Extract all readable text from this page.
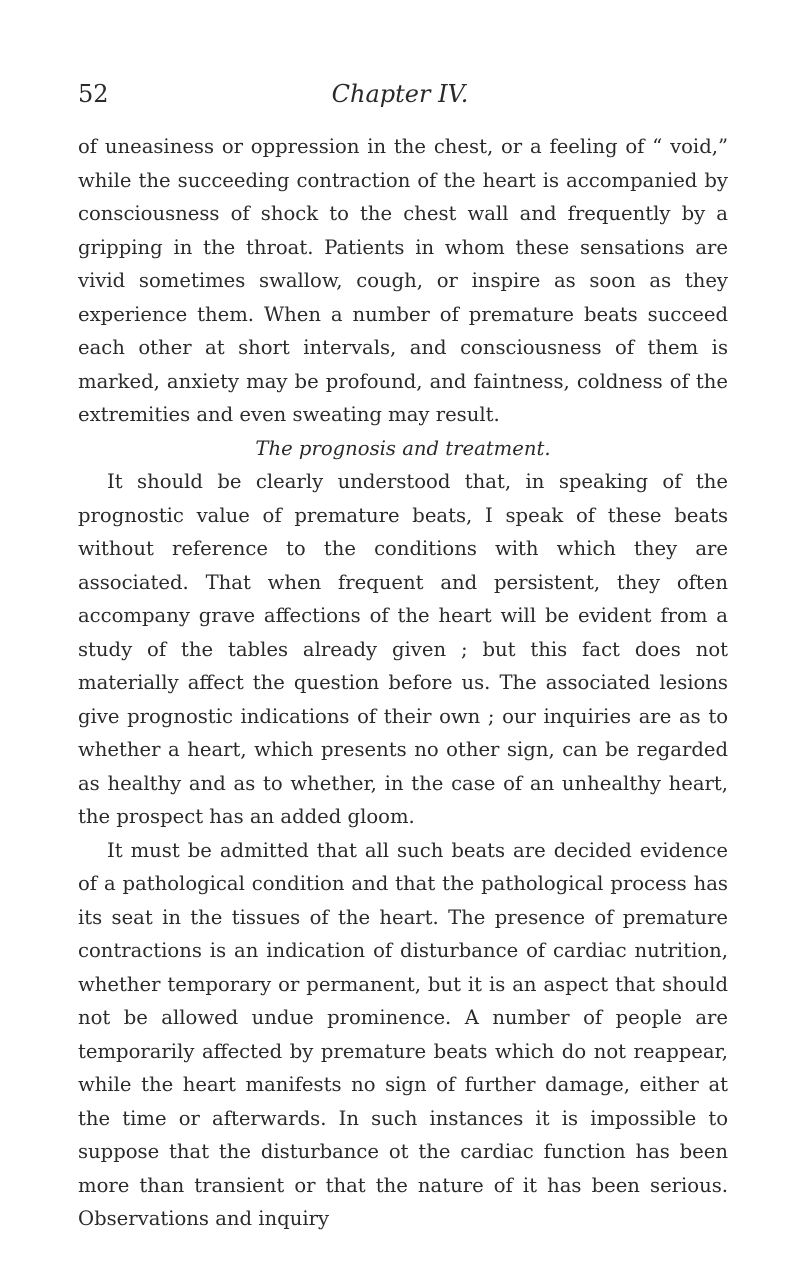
52	Chapter IV.

of uneasiness or oppression in the chest, or a feeling of “ void,” while the succeeding contraction of the heart is accompanied by consciousness of shock to the chest wall and frequently by a gripping in the throat. Patients in whom these sensations are vivid sometimes swallow, cough, or inspire as soon as they experience them. When a number of premature beats succeed each other at short intervals, and consciousness of them is marked, anxiety may be profound, and faintness, coldness of the extremities and even sweating may result.

The prognosis and treatment.

It should be clearly understood that, in speaking of the prognostic value of premature beats, I speak of these beats without reference to the conditions with which they are associated. That when frequent and persistent, they often accompany grave affections of the heart will be evident from a study of the tables already given ; but this fact does not materially affect the question before us. The associated lesions give prognostic indications of their own ; our inquiries are as to whether a heart, which presents no other sign, can be regarded as healthy and as to whether, in the case of an unhealthy heart, the prospect has an added gloom.

It must be admitted that all such beats are decided evidence of a pathological condition and that the pathological process has its seat in the tissues of the heart. The presence of premature contractions is an indication of disturbance of cardiac nutrition, whether temporary or permanent, but it is an aspect that should not be allowed undue prominence. A number of people are temporarily affected by premature beats which do not reappear, while the heart manifests no sign of further damage, either at the time or afterwards. In such instances it is impossible to suppose that the disturbance ot the cardiac function has been more than transient or that the nature of it has been serious. Observations and inquiry
